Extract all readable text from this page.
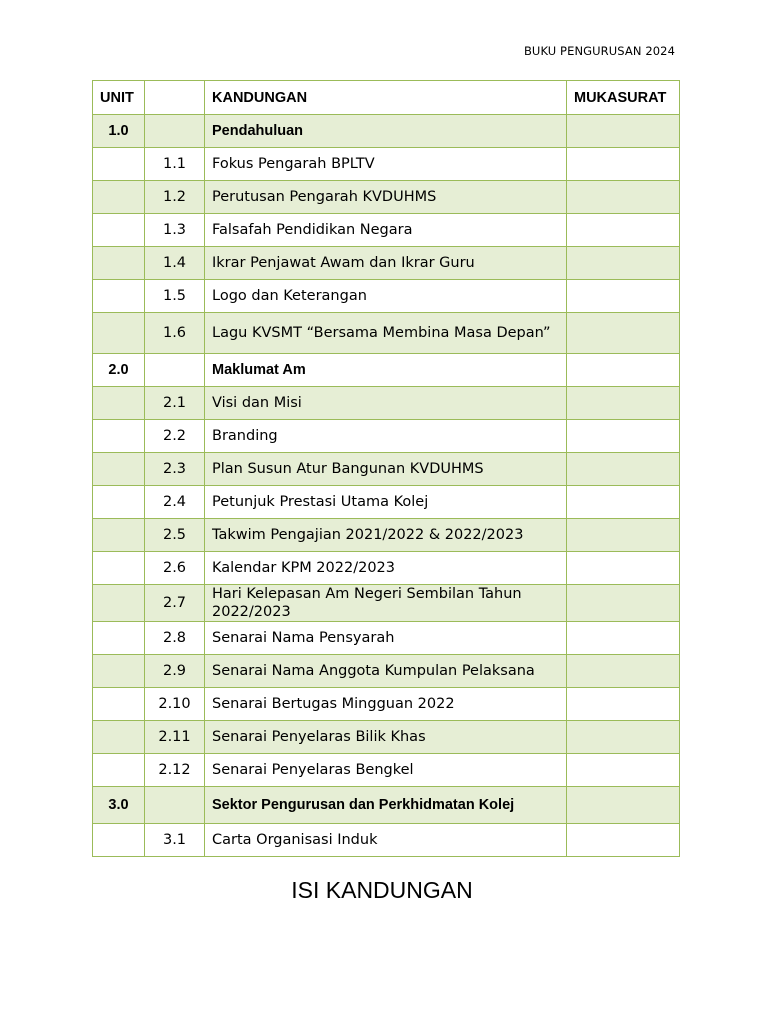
BUKU PENGURUSAN 2024
UNIT		KANDUNGAN	MUKASURAT
1.0		Pendahuluan	
	1.1	Fokus Pengarah BPLTV	
	1.2	Perutusan Pengarah KVDUHMS	
	1.3	Falsafah Pendidikan Negara	
	1.4	Ikrar Penjawat Awam dan Ikrar Guru	
	1.5	Logo dan Keterangan	
	1.6	Lagu KVSMT “Bersama Membina Masa Depan”	
2.0		Maklumat Am	
	2.1	Visi dan Misi	
	2.2	Branding	
	2.3	Plan Susun Atur Bangunan KVDUHMS	
	2.4	Petunjuk Prestasi Utama Kolej	
	2.5	Takwim Pengajian 2021/2022 & 2022/2023	
	2.6	Kalendar KPM 2022/2023	
	2.7	Hari Kelepasan Am Negeri Sembilan Tahun 2022/2023	
	2.8	Senarai Nama Pensyarah	
	2.9	Senarai Nama Anggota Kumpulan Pelaksana	
	2.10	Senarai Bertugas Mingguan 2022	
	2.11	Senarai Penyelaras Bilik Khas	
	2.12	Senarai Penyelaras Bengkel	
3.0		Sektor Pengurusan dan Perkhidmatan Kolej	
	3.1	Carta Organisasi Induk	
ISI KANDUNGAN
